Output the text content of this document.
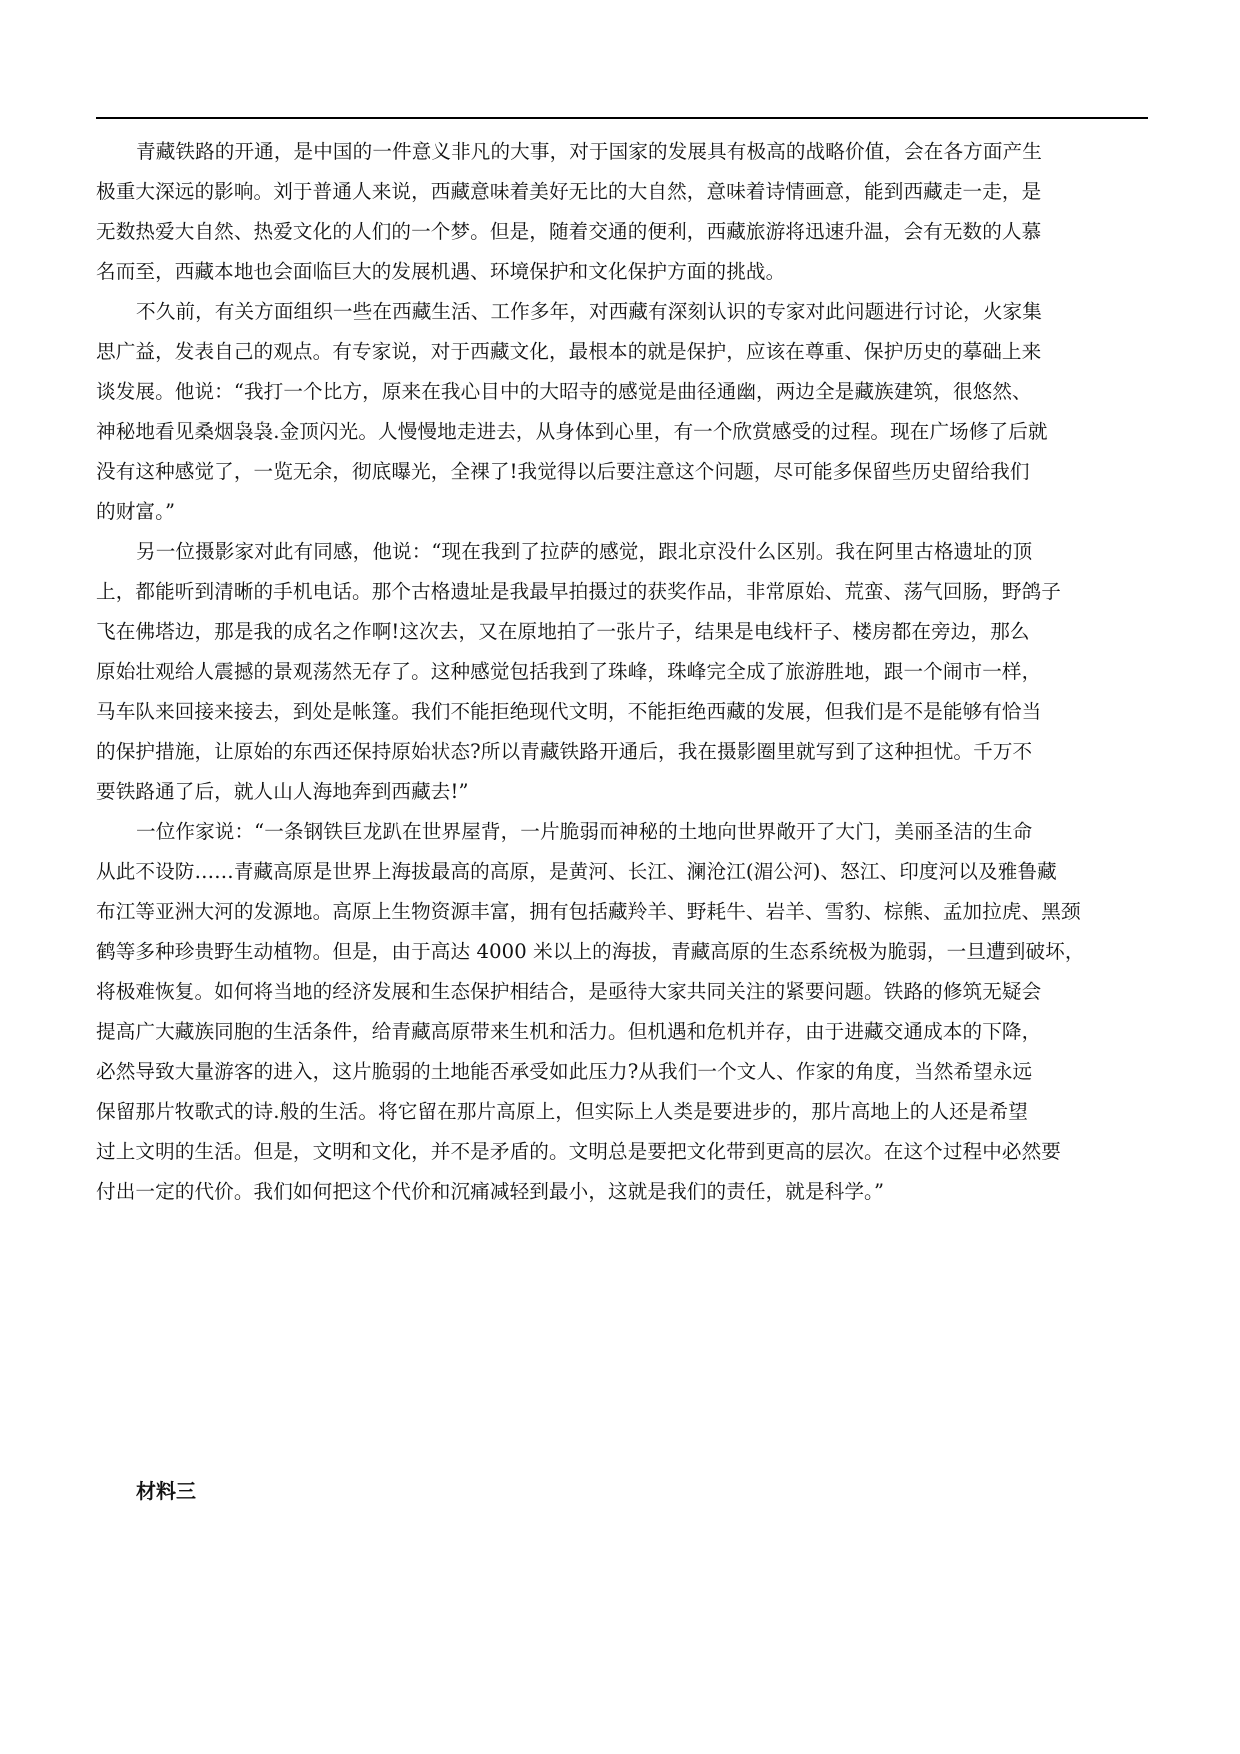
青藏铁路的开通，是中国的一件意义非凡的大事，对于国家的发展具有极高的战略价值，会在各方面产生
极重大深远的影响。刘于普通人来说，西藏意味着美好无比的大自然，意味着诗情画意，能到西藏走一走，是
无数热爱大自然、热爱文化的人们的一个梦。但是，随着交通的便利，西藏旅游将迅速升温，会有无数的人慕
名而至，西藏本地也会面临巨大的发展机遇、环境保护和文化保护方面的挑战。

不久前，有关方面组织一些在西藏生活、工作多年，对西藏有深刻认识的专家对此问题进行讨论，火家集
思广益，发表自己的观点。有专家说，对于西藏文化，最根本的就是保护，应该在尊重、保护历史的摹础上来
谈发展。他说：“我打一个比方，原来在我心目中的大昭寺的感觉是曲径通幽，两边全是藏族建筑，很悠然、
神秘地看见桑烟袅袅.金顶闪光。人慢慢地走进去，从身体到心里，有一个欣赏感受的过程。现在广场修了后就
没有这种感觉了，一览无余，彻底曝光，全裸了!我觉得以后要注意这个问题，尽可能多保留些历史留给我们
的财富。”

另一位摄影家对此有同感，他说：“现在我到了拉萨的感觉，跟北京没什么区别。我在阿里古格遗址的顶
上，都能听到清晰的手机电话。那个古格遗址是我最早拍摄过的获奖作品，非常原始、荒蛮、荡气回肠，野鸽子
飞在佛塔边，那是我的成名之作啊!这次去，又在原地拍了一张片子，结果是电线杆子、楼房都在旁边，那么
原始壮观给人震撼的景观荡然无存了。这种感觉包括我到了珠峰，珠峰完全成了旅游胜地，跟一个闹市一样，
马车队来回接来接去，到处是帐篷。我们不能拒绝现代文明，不能拒绝西藏的发展，但我们是不是能够有恰当
的保护措施，让原始的东西还保持原始状态?所以青藏铁路开通后，我在摄影圈里就写到了这种担忧。千万不
要铁路通了后，就人山人海地奔到西藏去!”

一位作家说：“一条钢铁巨龙趴在世界屋背，一片脆弱而神秘的土地向世界敞开了大门，美丽圣洁的生命
从此不设防……青藏高原是世界上海拔最高的高原，是黄河、长江、澜沧江(湄公河)、怒江、印度河以及雅鲁藏
布江等亚洲大河的发源地。高原上生物资源丰富，拥有包括藏羚羊、野耗牛、岩羊、雪豹、棕熊、孟加拉虎、黑颈
鹤等多种珍贵野生动植物。但是，由于高达 4000 米以上的海拔，青藏高原的生态系统极为脆弱，一旦遭到破坏，
将极难恢复。如何将当地的经济发展和生态保护相结合，是亟待大家共同关注的紧要问题。铁路的修筑无疑会
提高广大藏族同胞的生活条件，给青藏高原带来生机和活力。但机遇和危机并存，由于进藏交通成本的下降，
必然导致大量游客的进入，这片脆弱的土地能否承受如此压力?从我们一个文人、作家的角度，当然希望永远
保留那片牧歌式的诗.般的生活。将它留在那片高原上，但实际上人类是要进步的，那片高地上的人还是希望
过上文明的生活。但是，文明和文化，并不是矛盾的。文明总是要把文化带到更高的层次。在这个过程中必然要
付出一定的代价。我们如何把这个代价和沉痛减轻到最小，这就是我们的责任，就是科学。”

材料三
